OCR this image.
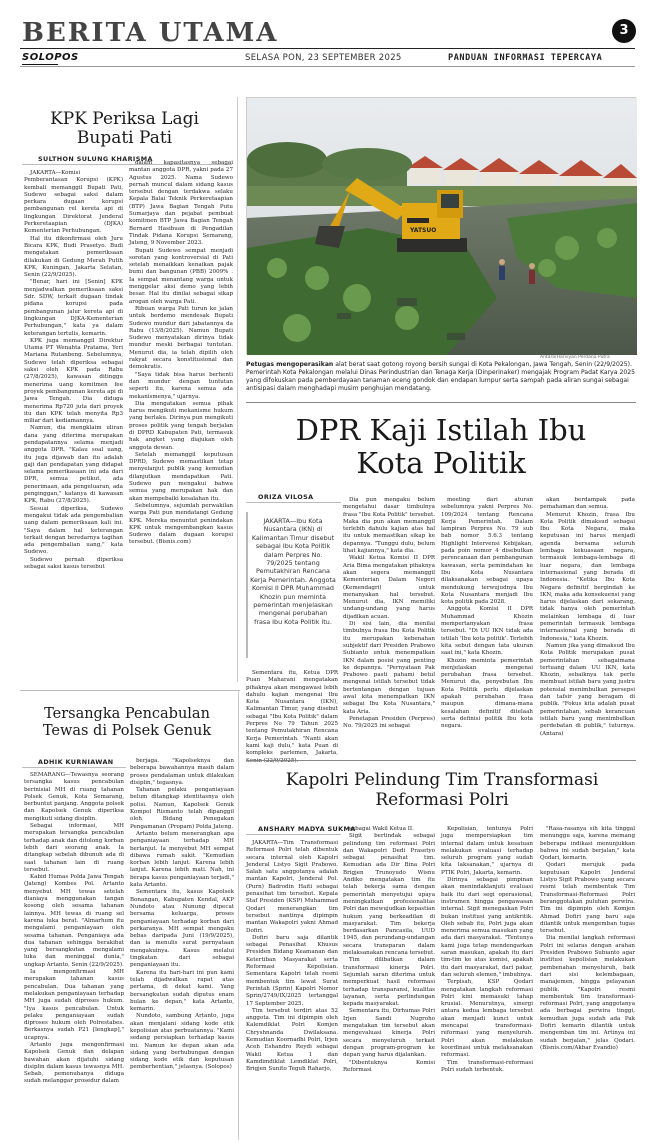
BERITA UTAMA	3
SOLOPOS	SELASA PON, 23 SEPTEMBER 2025	PANDUAN INFORMASI TEPERCAYA
KPK Periksa Lagi Bupati Pati
SULTHON SULUNG KHARISMA

JAKARTA—Komisi Pemberantasan Korupsi (KPK) kembali memanggil Bupati Pati, Sudewo sebagai saksi dalam perkara dugaan korupsi pembangunan rel kereta api di lingkungan Direktorat Jenderal Perkeretaapian (DJKA) Kementerian Perhubungan.

Hal itu dikonfirmasi oleh Juru Bicara KPK, Budi Prasetyo. Budi mengatakan pemeriksaan dilakukan di Gedung Merah Putih KPK, Kuningan, Jakarta Selatan, Senin (22/9/2025).

"Benar, hari ini [Senin] KPK menjadwalkan pemeriksaan saksi Sdr. SDW, terkait dugaan tindak pidana korupsi pada pembangunan jalur kereta api di lingkungan DJKA-Kementerian Perhubungan," kata ya dalam keterangan tertulis, kemarin.

KPK juga memanggil Direktur Utama PT Wenahta Pratama, Yeri Mariana Rutanbeng. Sebelumnya, Sudewo telah diperiksa sebagai saksi oleh KPK pada Rabu (27/8/2025), kawasan ditinggu menerima uang komitmen fee proyek pembangunan kereta api di Jawa Tengah. Dia diduga menerima Rp720 juta dari proyek itu dan KPK telah menyita Rp3 miliar dari kediamannya.

Namun, dia mengklaim uliran dana yang diterima merupakan pendapatannya selama menjadi anggota DPR. "Kalau soal uang, itu juga dijawab dan itu adalah gaji dan pendapatan yang didapat selama pemerikasaan ini ada dari DPR, semua petikut, ada penerimaan, ada pengeluaran, ada penginggan," katanya di kawasan KPK, Rabu (27/8/2025).

Sesuai diperiksa, Sudewo mengakui tidak ada pengembalian uang dalam pemeriksaan kali ini. "Saya dalam hal keterangan terkait dengan beredarnya tagihan ada pengembalian uang," kata Sudewo.

Sudewo pernah diperiksa sebagai saksi kasus tersebut

dalam kapasitasnya sebagai mantan anggota DPR, yakni pada 27 Agustus 2025. Nama Sudewo pernah muncul dalam sidang kasus tersebut dengan terdakwa selaku Kepala Balai Teknik Perkeretaapian (BTP) Jawa Bagian Tengah Putu Sumarjaya dan pejabat pembuat komitmen BTP Jawa Bagian Tengah Bernard Hasibuan di Pengadilan Tindak Pidana Korupsi Semarang, Jateng, 9 November 2023.

Bupati Sudewo sempat menjadi sorotan yang kontroversial di Pati setelah menaikkan kenaikan pajak bumi dan bangunan (PBB) 2009% . Ia sempat menantang warga untuk menggelar aksi demo yang lebih besar. Hal itu dinilai sebagai sikap arogan oleh warga Pati.

Ribuan warga Pati turun ke jalan untuk berdemo mendesak Bupati Sudewo mundur dari jabatannya da Rabu (13/8/2025). Namun Bupati Sudewo menyatakan dirinya tidak mundur meski berbagai tuntutan. Menurut dia, ia telah dipilih oleh rakyat secara konstitusional dan demokratis.

"Saya tidak bisa harus berhenti dan mundur dengan tuntutan seperti itu, karena semua ada mekanismenya," ujarnya.

Dia mengatakan semua pihak harus mengikuti mekanisme hukum yang berlaku. Dirinya pun mengikuti proses politik yang tengah berjalan di DPRD Kabupaten Pati, termasuk hak angket yang diajukan oleh anggota dewan.

Setelah memanggil keputusan DPRD, Sudewo memastikan tetap menyelanjut publik yang kemudian dilanjutkan mendapatkan Pati. Sudewo pun mengakui bahwa semua yang merupakan hak dan akan mempebaiki kesalahan itu.

Sebelumnya, sejumlah perwakilan warga Pati pun mendatangi Gedung KPK. Mereka menuntut penindakan KPK untuk mengembangkan kasus Sudewo dalam dugaan korupsi tersebut. (Bisnis.com)

YATSUO
Antara/Harviyan Perdana Putra
Petugas mengoperasikan alat berat saat gotong royong bersih sungai di Kota Pekalongan, Jawa Tengah, Senin (22/9/2025). Pemerintah Kota Pekalongan melalui Dinas Perindustrian dan Tenaga Kerja (Dinperinaker) mengajak Program Padat Karya 2025 yang difokuskan pada pemberdayaan tanaman eceng gondok dan endapan lumpur serta sampah pada aliran sungai sebagai antisipasi dalam menghadapi musim penghujan mendatang.
DPR Kaji Istilah Ibu Kota Politik
ORIZA VILOSA
JAKARTA—Ibu Kota Nusantara (IKN) di Kalimantan Timur disebut sebagai Ibu Kota Politik dalam Perpres No. 79/2025 tentang Pemutakhiran Rencana Kerja Pemerintah. Anggota Komisi II DPR Muhammad Khozin pun meminta pemerintah menjelaskan mengenai perubahan frasa Ibu Kota Politik itu.

Sementara itu, Ketua DPR Puan Maharani mengatakan pihaknya akan mengawasi lebih dahulu kajian mengenai Ibu Kota Nusantara (IKN), Kalimantan Timur, yang disebut sebagai "Ibu Kota Politik" dalam Perpres No 79 Tahun 2025 tentang Pemutakhiran Rencana Kerja Pemerintah. "Nanti akan kami kaji dulu," kata Puan di kompleks parlemen, Jakarta,

Dia pun mengaku belum mengetahui dasar timbulnya frasa "Ibu Kota Politik" tersebut. Maka dia pun akan memanggil terlebih dahulu kajian atas hal itu untuk memastikan sikap ke depannya. "Tunggu dulu, belum lihat kajiannya," kata dia.

Wakil Ketua Komisi II DPR Aria Bima mengatakan pihaknya akan segera memanggil Kementerian Dalam Negeri (Kemendagri) untuk menanyakan hal tersebut. Menurut dia, IKN memiliki undang-undang yang harus dijadikan acuan.

Di sisi lain, dia menilai timbulnya frasa Ibu Kota Politik itu merupakan kebenahan subjektif dari Presiden Prabowo Subianto untuk menempatkan IKN dalam posisi yang penting ke depannya. "Pernyataan Pak Prabowo pasti pahami betul mengenai istilah tersebut tidak bertentangan dengan tujuan awal kita menempatkan IKN sebagai Ibu Kota Nusantara," kata Aria.

Penetapan Presiden (Perpres) No. 79/2025 ini sebagai

meeting dari aturan sebelumnya yakni Perpres No. 109/2024 tentang Rencana Kerja Pemerintah. Dalam lampiran Perpres No. 79 sub bab nomor 5.6.3 tentang Highlight Intervensi Kebijakan, pada poin nomor 4 disebutkan perencanaan dan pembangunan kawasan, serta pemindahan ke Ibu Kota Nusantara dilaksanakan sebagai upaya mendukung terwujudnya Ibu Kota Nusantara menjadi Ibu kota politik pada 2028.

Anggota Komisi II DPR Muhammad Khozin mempertanyakan frasa tersebut. "Di UU IKN tidak ada istilah 'Ibu kota politik'. Terlebih kita sebut dengan tata ukuran saat ini," kata Khozin.

Khozin meminta pemerintah menjelaskan mengenai perubahan frasa tersebut. Menurut dia, penyebutan Ibu Kota Politik perlu dijelaskan apakah perubahan frasa maupun dimana-mana kesalahan definitif ditelaah serta definisi politik Ibu kota negara.

akan berdampak pada pemahaman dan semua.

Menurut Khozin, frasa Ibu Kota Politik dimaksud sebagai Ibu Kota Negara, maka keputusan ini harus menjadi agenda bersama seluruh lembaga kekuasaan negara, termasuk lembaga-lembaga di luar negara, dan lembaga internasional yang berada di Indonesia. "Ketika Ibu Kota Negara definitif bergindah ke IKN, maka ada konsekuensi yang harus dijelaskan dari sekarang, tidak hanya oleh pemerintah melainkan lembaga di luar pemerintah termasuk lembaga internasional yang berada di Indonesia," kata Khozin.

Namun jika yang dimaksud Ibu Kota Politik merupakan pusat pemerintahan sebagaimana tertuang dalam UU IKN, kata Khozin, sebaiknya tak perlu membuat istilah baru yang justru potensial menimbulkan persepsi dan tafsir yang beragam di publik. "Fokus kita adalah pusat pemerintahan, sebab kerancuan istilah baru yang menimbulkan perdebatan di publik," tuturnya. (Antara)

Tersangka Pencabulan Tewas di Polsek Genuk
ADHIK KURNIAWAN

SEMARANG—Tewasnya seorang tersangka kasus pencabulan berinisial MH di ruang tahanan Polsek Genuk, Kota Semarang, berbuntut panjang. Anggota polsek dan Kapolsek Genuk diperiksa mengikuti sidang disiplin.

Sebagai informasi, MH merupakan tersangka pencabulan terhadap anak dan ditolong korban lebih dari seorang anak. Ia ditangkap sebelah dibunuh ada di saat tahanan lain di ruang tersebut.

Kabid Humas Polda Jawa Tengah (Jateng) Kombes Pol. Artanto menyebut MH tewas setelah dianiaya menggunakan tangan kosong oleh sesama tahanan lainnya. MH tewas di ruang sel karena luka berat. "Almarhum itu mengalami penganiayaan oleh sesama tahanan. Penganiaya ada dua tahanan sehingga berakibat yang bersangkutan mengalami luka dan meninggal dunia," ungkap Artanto, Senin (22/9/2025).

Ia mengonfirmasi MH merupakan tahanan kasus pencabulan. Dua tahanan yang melakukan penganiayaan terhadap MH juga sudah diproses hukum. "Iya kasus pencabulan. Untuk pelaku penganiayaan sudah diproses hukum oleh Polrestabes. Berkasnya sudah P21 [lengkap]," ucapnya.

Artanto juga mengonfirmasi Kapolsek Genuk dan delapan bawahan akan dijatuhi sidang disiplin dalam kasus tewasnya MH. Sebab, pemenuhanya diduga sudah melanggar prosedur dalam

berjaga. "Kapolseknya dan beberapa bawahannya masih dalam proses pendalaman untuk dilakukan disiplin," tegasnya.

Tahanan pelaku penganiayaan belum ditangkap identitasnya oleh polisi. Namun, Kapolsek Genuk Kompol Rismanto telah dipanggil oleh Bidang Penegakan Pengamanan (Propam) Polda Jateng.

Artanto belum menerangkan apa penganiayaan terhadap MH berlanjut. Ia menyebut MH sempat dibawa rumah sakit. "Kemudian korban lebih lanjut. Karena lebih lanjut. Karena lebih mati. Nah, ini berapa kasus penganiayaan terjadi," kata Artanto.

Sementara itu, kasus Kapolsek Bonangan, Kabupaten Kendal, AKP Nundoto atau Nunung dipecat bersama keluarga, proses penganiayaan terhadap korban dari perkaranya. MH sempat mengaku bebas daripada Juni (19/9/2025), dan ia menulis surat pernyataan mengakuinya. Kasus melalui tingkatan dari sebagai penganiayaan itu.

Karena itu hari-hari ini pun kami telah dijadwalkan rapat atas pertama, di dekat kami. Yang bersangkutan sudah diputus enam bulan ke depan," kata Artanto, kemarin.

Nundoto, sambung Artanto, juga akan menjalani sidang kode etik kepolisian atas perbuatannya. "Kami sedang persiapkan terhadap kasus ini. Namun ke depan akan ada sidang yang berhubungan dengan sidang kode etik dan keputusan pemberhentian," jelasnya. (Solopos)

Kapolri Pelindung Tim Transformasi Reformasi Polri
ANSHARY MADYA SUKMA

JAKARTA—Tim Transformasi Reformasi Polri telah dibentuk secara internal oleh Kapolri Jenderal Listyo Sigit Prabowo. Salah satu anggotanya adalah mantan Kapolri, Jenderal Pol. (Purn) Badrodin Haiti sebagai penasihat tim tersebut. Kepala Staf Presiden (KSP) Muhammad Qodari menerangkan tim tersebut nantinya dipimpin mantan Wakapolri yakni Ahmad Dofiri.

Dofiri baru saja dilantik sebagai Penasihat Khusus Presiden Bidang Keamanan dan Ketertiban Masyarakat serta Reformasi Kepolisian. Sementara Kapolri telah resmi membentuk tim lewat Surat Perintah (Sprin) Kapolri Nomor Sprin/2749/IX/2025 tertanggal 17 September 2025.

Tim tersebut terdiri atas 52 anggota. Tim ini dipimpin oleh Kalemdiklat Polri Komjen Chryshnanda Dwilaksana. Kemudian Koornadhi Polri, Irjen Aceh Eshandro Reydi sebagai Wakil Ketua 1 dan Kamdimdiklat Lemdiklat Polri, Brigjen Sunito Teguh Raharjo,

sebagai Wakil Ketua II.

Sigit bertindak sebagai pelindung tim reformasi Polri dan Wakapolri Dedi Prasetyo sebagai penasihat tim. Kemudian ada Dir Bina Polri Brigjen Trunoyudo Wisnu Andiko mengatakan tim itu telah bekerja sama dengan pemerintah menyetujui upaya meningkatkan profesionalitas Polri dan mewujudkan kepastian hukum yang berkeadilan di masyarakat. Tim bekerja berdasarkan Pancasila, UUD 1945, dan perundang-undangan secara transparan dalam melaksanakan rencana tersebut.

Tim dilibatkan dalam transformasi kinerja Polri. Sejumlah saran diterima untuk memperkuat hasil reformasi terhadap transparansi, kualitas layanan, serta perlindungan kepada masyarakat.

Sementara itu, Dirhumas Polri Irjen Sandi Nugroho mengatakan tim tersebut akan mengevaluasi kinerja Polri secara menyeluruh terkait dengan program-program ke depan yang harus dijalankan.

"Dibentuknya Komisi Reformasi

Kepolisian, tentunya Polri juga mempersiapkan tim internal dalam untuk kesatuan melakukan evaluasi terhadap seluruh program yang sudah kita laksanakan," ujarnya di PTIK Polri, Jakarta, kemarin.

Dirinya sebagai pimpinan akan menindaklanjuti evaluasi baik itu dari segi operasional, instrumen hingga pengawasan internal. Sigit menegaskan Polri bukan institusi yang antikritik. Oleh sebab itu, Polri juga akan menerima semua masukan yang ada dari masyarakat. "Tentunya kami juga tetap mendengarkan saran masukan, apakah itu dari tim-tim ke atas komisi, apakah itu dari masyarakat, dari pakar, dan seluruh elemen," imbuhnya.

Terpisah, KSP Qodari mengatakan langkah reformasi Polri kini memasuki tahap krusial. Menurutnya, sinergi antara kedua lembaga tersebut akan menjadi kunci untuk mencapai transformasi-reformasi yang menyeluruh. Polri akan melakukan koordinasi untuk melaksanakan reformasi.

Tim transformasi-reformasi Polri sudah terbentuk.

"Rasa-rasanya sih kita tinggal menunggu saja, karena memang beberapa indikasi menunjukkan bahwa ini sudah berjalan," kata Qodari, kemarin.

Qodari merujuk pada keputusan Kapolri Jenderal Listyo Sigit Prabowo yang secara resmi telah membentuk Tim Transformasi-Reformasi Polri beranggotakan puluhan perwira. Tim ini dipimpin oleh Komjen Ahmad Dofiri yang baru saja dilantik untuk mengemban tugas tersebut.

Dia menilai langkah reformasi Polri ini selaras dengan arahan Presiden Prabowo Subianto agar institusi kepolisian melakukan pembenahan menyeluruh, baik dari sisi kelembagaan, manajemen, hingga pelayanan publik. "Kapolri resmi membentuk tim transformasi-reformasi Polri, yang anggotanya ada berbagai perwira tinggi, kemudian juga sudah ada Pak Dofiri kemarin dilantik untuk mengemban tim ini. Artinya ini sudah berjalan," jelas Qodari. (Bisnis.com/Akbar Evandio)
